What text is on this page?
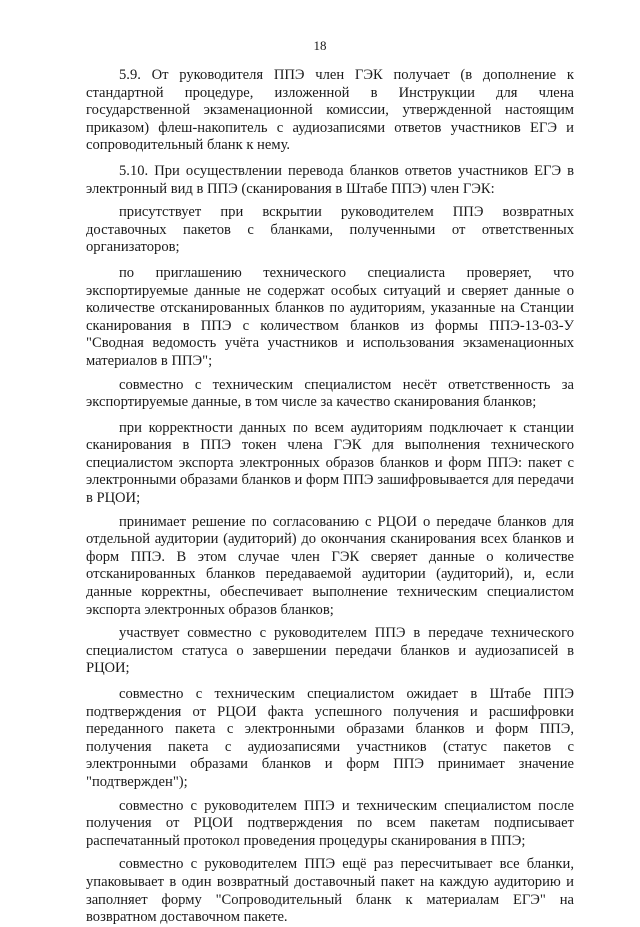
18

5.9. От руководителя ППЭ член ГЭК получает (в дополнение к стандартной процедуре, изложенной в Инструкции для члена государственной экзаменационной комиссии, утвержденной настоящим приказом) флеш-накопитель с аудиозаписями ответов участников ЕГЭ и сопроводительный бланк к нему.

5.10. При осуществлении перевода бланков ответов участников ЕГЭ в электронный вид в ППЭ (сканирования в Штабе ППЭ) член ГЭК:

присутствует при вскрытии руководителем ППЭ возвратных доставочных пакетов с бланками, полученными от ответственных организаторов;

по приглашению технического специалиста проверяет, что экспортируемые данные не содержат особых ситуаций и сверяет данные о количестве отсканированных бланков по аудиториям, указанные на Станции сканирования в ППЭ с количеством бланков из формы ППЭ-13-03-У "Сводная ведомость учёта участников и использования экзаменационных материалов в ППЭ";

совместно с техническим специалистом несёт ответственность за экспортируемые данные, в том числе за качество сканирования бланков;

при корректности данных по всем аудиториям подключает к станции сканирования в ППЭ токен члена ГЭК для выполнения технического специалистом экспорта электронных образов бланков и форм ППЭ: пакет с электронными образами бланков и форм ППЭ зашифровывается для передачи в РЦОИ;

принимает решение по согласованию с РЦОИ о передаче бланков для отдельной аудитории (аудиторий) до окончания сканирования всех бланков и форм ППЭ. В этом случае член ГЭК сверяет данные о количестве отсканированных бланков передаваемой аудитории (аудиторий), и, если данные корректны, обеспечивает выполнение техническим специалистом экспорта электронных образов бланков;

участвует совместно с руководителем ППЭ в передаче технического специалистом статуса о завершении передачи бланков и аудиозаписей в РЦОИ;

совместно с техническим специалистом ожидает в Штабе ППЭ подтверждения от РЦОИ факта успешного получения и расшифровки переданного пакета с электронными образами бланков и форм ППЭ, получения пакета с аудиозаписями участников (статус пакетов с электронными образами бланков и форм ППЭ принимает значение "подтвержден");

совместно с руководителем ППЭ и техническим специалистом после получения от РЦОИ подтверждения по всем пакетам подписывает распечатанный протокол проведения процедуры сканирования в ППЭ;

совместно с руководителем ППЭ ещё раз пересчитывает все бланки, упаковывает в один возвратный доставочный пакет на каждую аудиторию и заполняет форму "Сопроводительный бланк к материалам ЕГЭ" на возвратном доставочном пакете.
